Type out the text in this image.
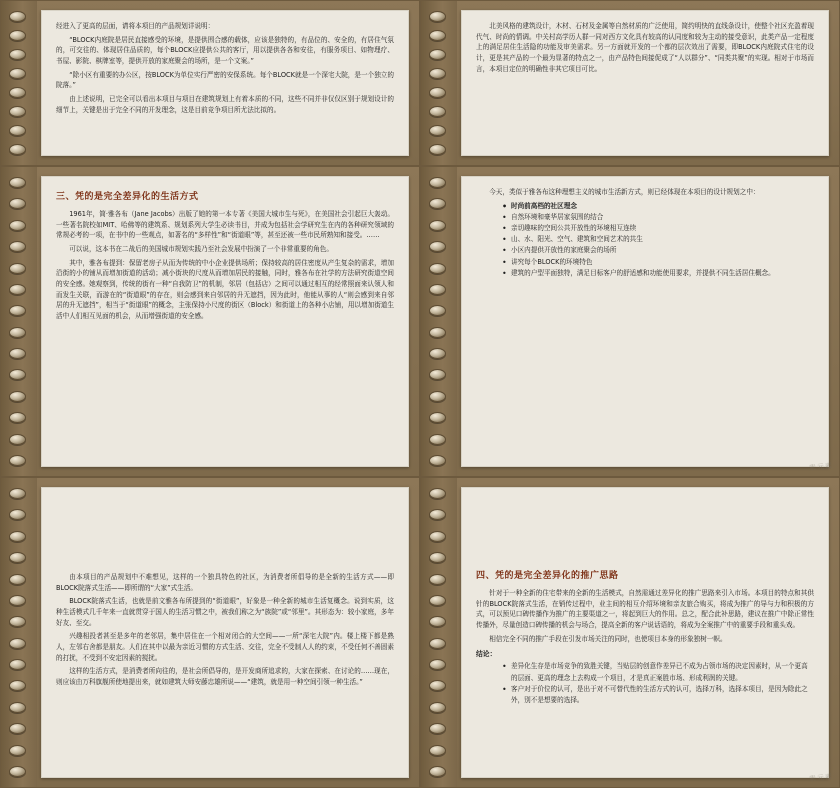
经进入了更高的层面，请将本项目的产品规划详说明：

“BLOCK内庭院是居民直接感受的环境，是提供围合感的载体，应该是独特的，有品位的、安全的，有居住气氛的，可交往的、体现居住品质的，每个BLOCK应提供公共的客厅，用以提供各各和安往，有服务项目、如物理疗、书屋、影院、棋牌室等，提供开放的家庭聚会的场所，是一个文案。”

“除小区有重要的办公区，按BLOCK为单位实行严密的安保系统。每个BLOCK就是一个深宅大院，是一个独立的院落。”

由上述说明，已完全可以看出本项目与项目在建筑规划上有着本质的不同，这些不同并非仅仅区别于规划设计的细节上，关键是出于完全不同的开发理念，这是目前竞争项目所尤法比拟的。

北美风格的建筑设计，木材、石材及金属等自然材质的广泛使用，简约明快的直线条设计，使整个社区充盈着现代气、时尚的情调。中关村高学历人群一同对西方文化具有较高的认同度和较为主动的接受意识，此类产品一定程度上的满足居住生活隐的功能及审美需求。另一方面就开发的一个都的层次效出了需要，即BLOCK内庭院式住宅的设计，更是其产品的一个最为显著的特点之一，由产品特色间接促成了“人以群分”、“同类共聚”的实现。相对于市场而言，本项目定位的明确性非其它项目可比。

三、凭的是完全差异化的生活方式

1961年，简·雅各布（Jane Jacobs）出版了她的第一本专著《美国大城市生与死》，在美国社会引起巨大轰动。一些著名院校如MIT、哈佛等的建筑系、规划系列大学生必读书目，并成为包括社会学研究生在内的各种研究领域的常规必考的一项，在书中的一些观点，如著名的“多样性”和“街道眼”等，甚至还被一些市民所熟知和接受。……

可以说，这本书在二战后的美国城市规划实践乃至社会发展中扮演了一个非常重要的角色。

其中，雅各布提到：保留老房子从而为传统的中小企业提供场所；保持较高的居住密度从产生复杂的需求，增加沿街的小的铺从而增加街道的活动；减小街块的尺度从而增加居民的接触，同时，雅各布在社学的方法研究街道空间的安全感。她观察到，传统的街有一种“自我防卫”的机制，邻居（包括店）之间可以通过相互的经常照面来认领人和而发生关联，而游在的“街道眼”的存在，则会感到来自邻居的升无遮挡，因为此时，他能从事的人“则会感到来自邻居的升无遮挡”，相当于“街道眼”的概念，主张保持小尺度的街区（Block）和街道上的各种小店铺，用以增加街道生活中人们相互见面的机会，从而增强街道的安全感。

今天，类似于雅各布这种理想主义的城市生活新方式，则已经体现在本项目的设计规划之中：

• 时尚前高档的社区理念
• 自然环境和豪华居家氛围的结合
• 亲切趣味的空间公共开放性的环境相互连续
• 山、水、阳光、空气、建筑和空间艺术的共生
• 小区内提供开放性的家庭聚会的场所
• 讲究每个BLOCK的环境特色
• 建筑的户型平面独特，满足目标客户的舒适感和功能使用要求，并提供不同生活居住概念。
素元素

由本项目的产品规划中不难想见，这样的一个独具特色的社区，为消费者所倡导的是全新的生活方式——即BLOCK院落式生活——即所谓的“大家”式生活。

BLOCK院落式生活，也就是前文雅各布所提到的“街道眼”，好象是一种全新的城市生活复概念。说到实质，这种生活模式几千年来一直就贯穿于国人的生活习惯之中，被我们称之为“族院”或“邻里”。其形态为：较小家庭，多年好友、至交。

兴趣相投者甚至是多年的老邻居，集中居住在一个相对闭合的大空间——一所“深宅大院”内。楼上楼下都是熟人，左邻右舍都是朋友。人们在其中以最为亲近习惯的方式生活、交往，完全不受制人人的约束，不受任何不善固素的打扰，不受到不安定因素的搅扰。

这样的生活方式，是消费者所向往的，是社会所倡导的，是开发商所追求的，大家在探索、在讨论的……现在，则应该由万科旗舰所使地提出来，就如建筑大师安藤忠雄所说——“建筑，就是用一种空间引领一种生活。”

四、凭的是完全差异化的推广思路

针对于一种全新的住宅带来的全新的生活模式，自然需通过差异化的推广思路来引入市场。本项目的特点和其供针的BLOCK院落式生活，在销传过程中，业主间的相互介绍环境和亲友旅合购买，将成为推广的导与力和积极的方式，可以预见口碑传播作为推广的主要渠道之一，将起到巨大的作用。总之，配合此补思路，建议在推广中除正常性传播外，尽量创造口碑传播的机会与场合，提高全新的客户说话语的，将成为全案推广中的重要手段和重头戏。

相信完全不同的推广手段在引发市场关注的同时，也使项目本身的形象独树一帜。

结论：
• 差异化生存是市场竞争的致胜关键，当贴层的创意作差异已不成为占领市场的决定因素时，从一个更高的层面、更高的理念上去构成一个项目，才是真正案胜市场、形成利润的关键。
• 客户对于价位的认可，是出于对不可替代性的生活方式的认可，选择万科，选择本项目，是因为除此之外，别不是想要的选择。
素元素
